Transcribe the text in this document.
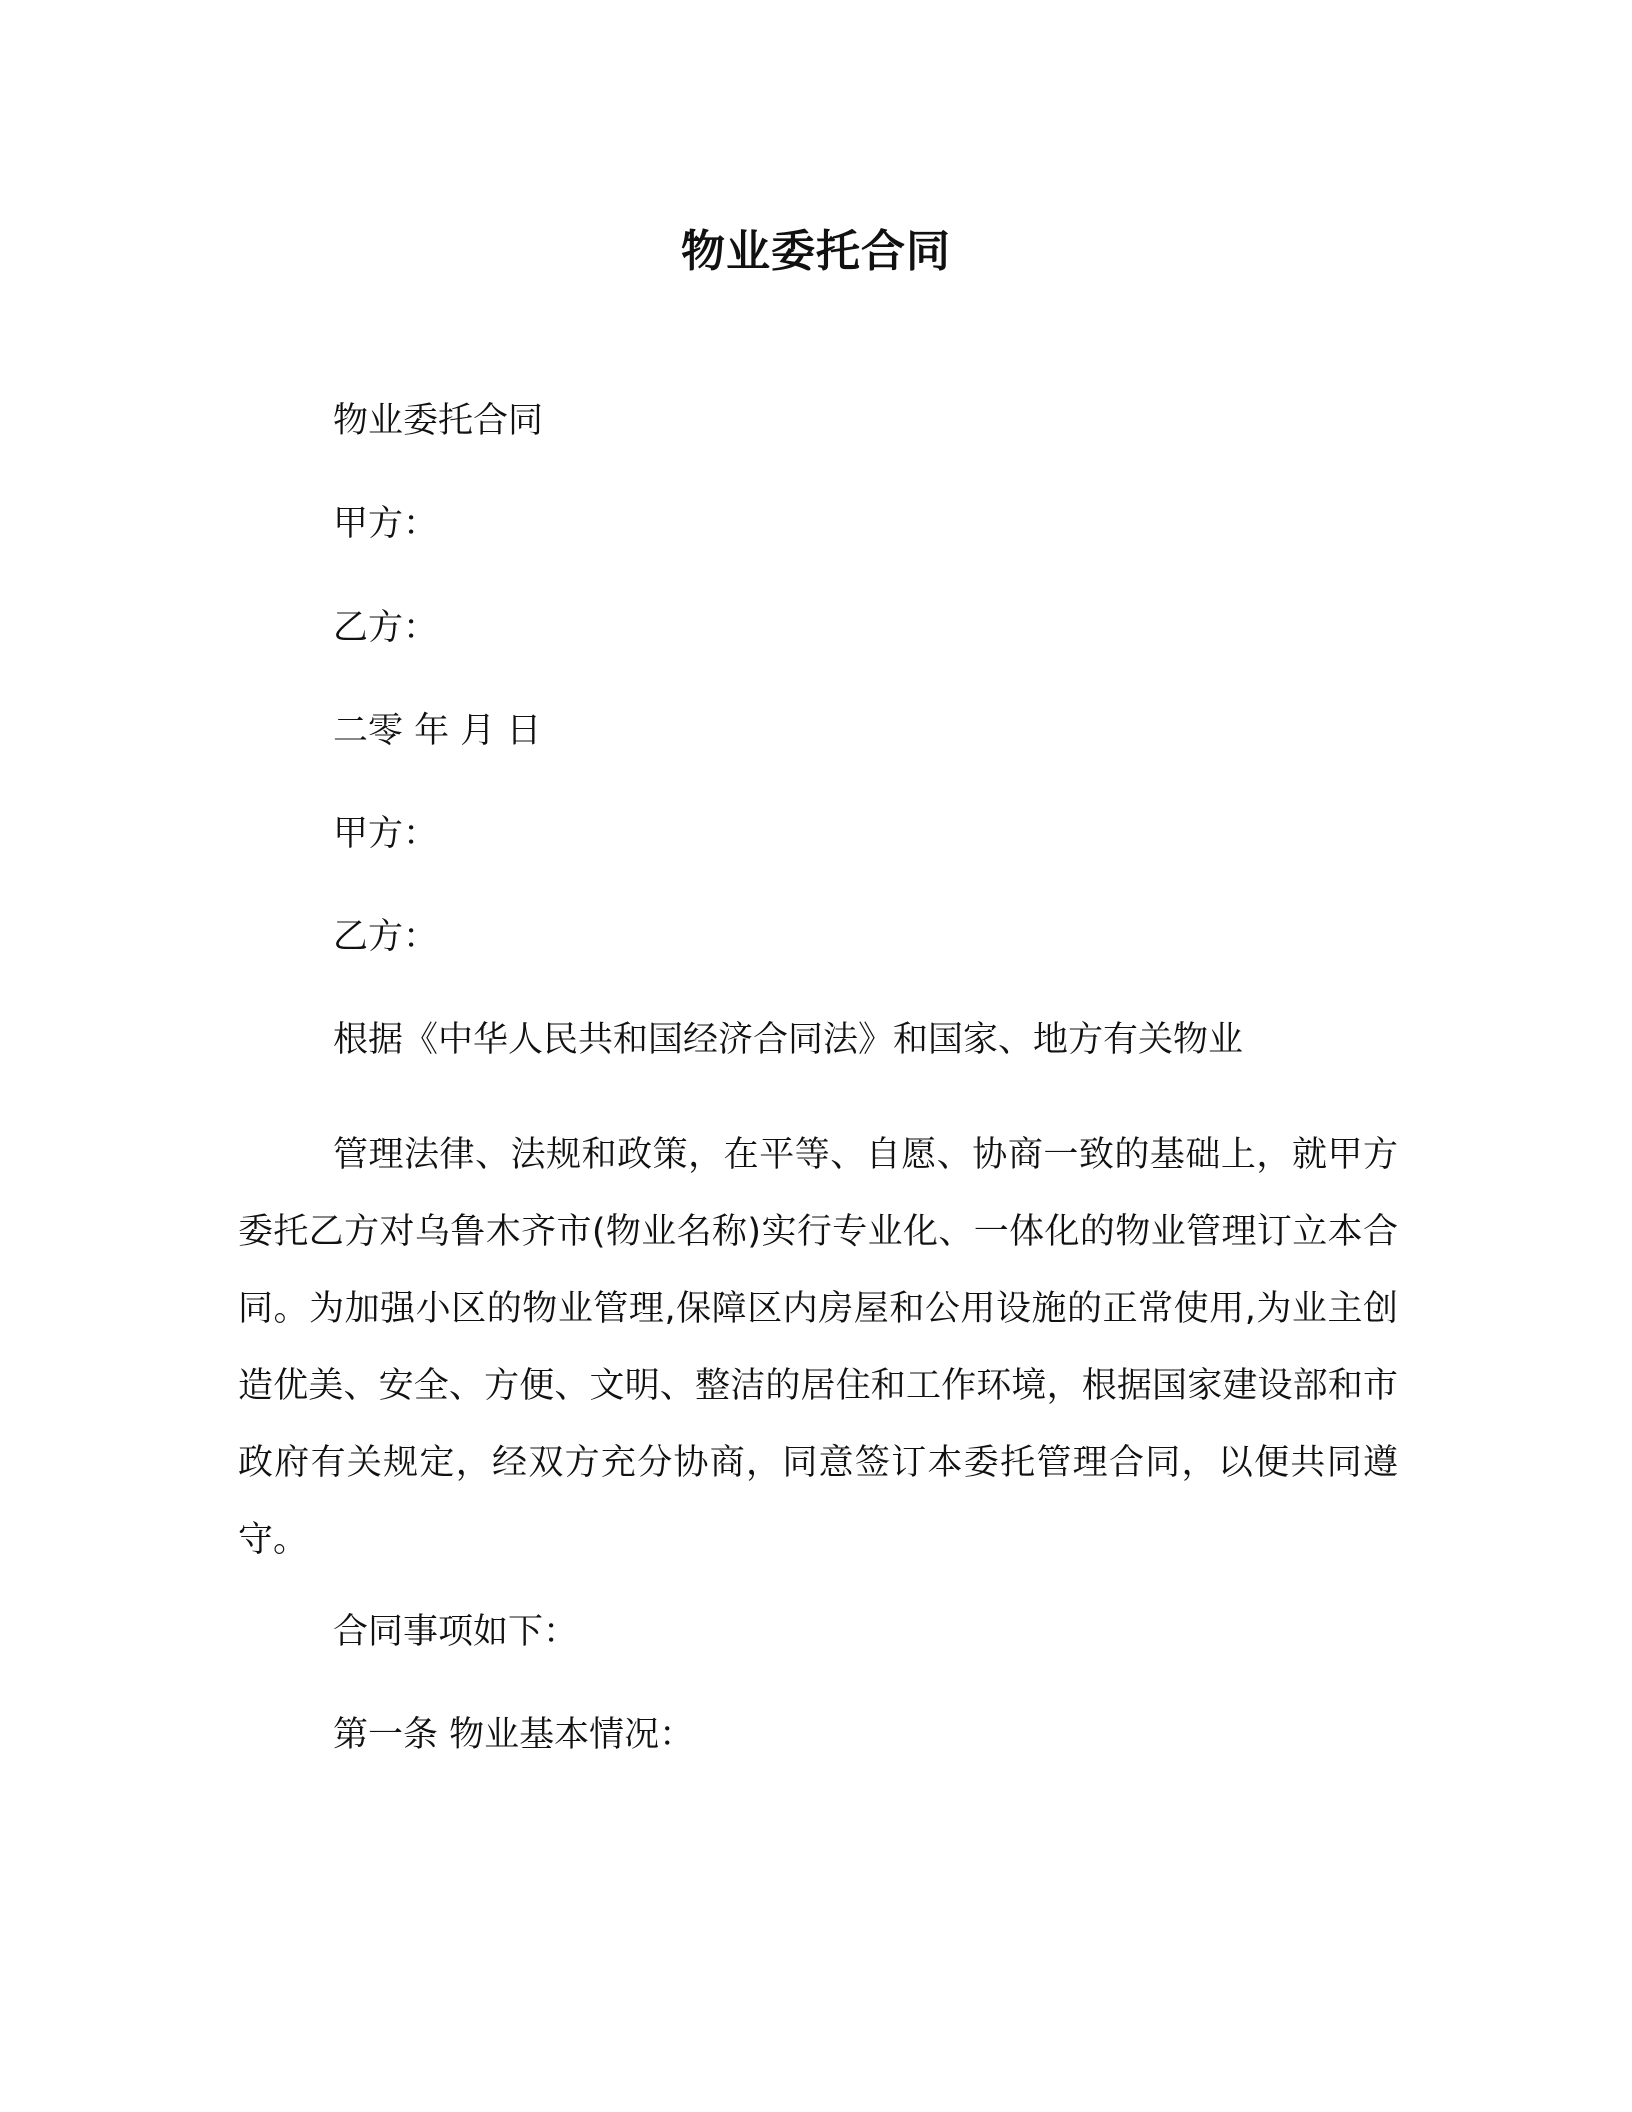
物业委托合同
物业委托合同
甲方：
乙方：
二零 年 月 日
甲方：
乙方：
根据《中华人民共和国经济合同法》和国家、地方有关物业
管理法律、法规和政策，在平等、自愿、协商一致的基础上，就甲方委托乙方对乌鲁木齐市(物业名称)实行专业化、一体化的物业管理订立本合同。为加强小区的物业管理,保障区内房屋和公用设施的正常使用,为业主创造优美、安全、方便、文明、整洁的居住和工作环境，根据国家建设部和市政府有关规定，经双方充分协商，同意签订本委托管理合同，以便共同遵守。
合同事项如下：
第一条 物业基本情况：
